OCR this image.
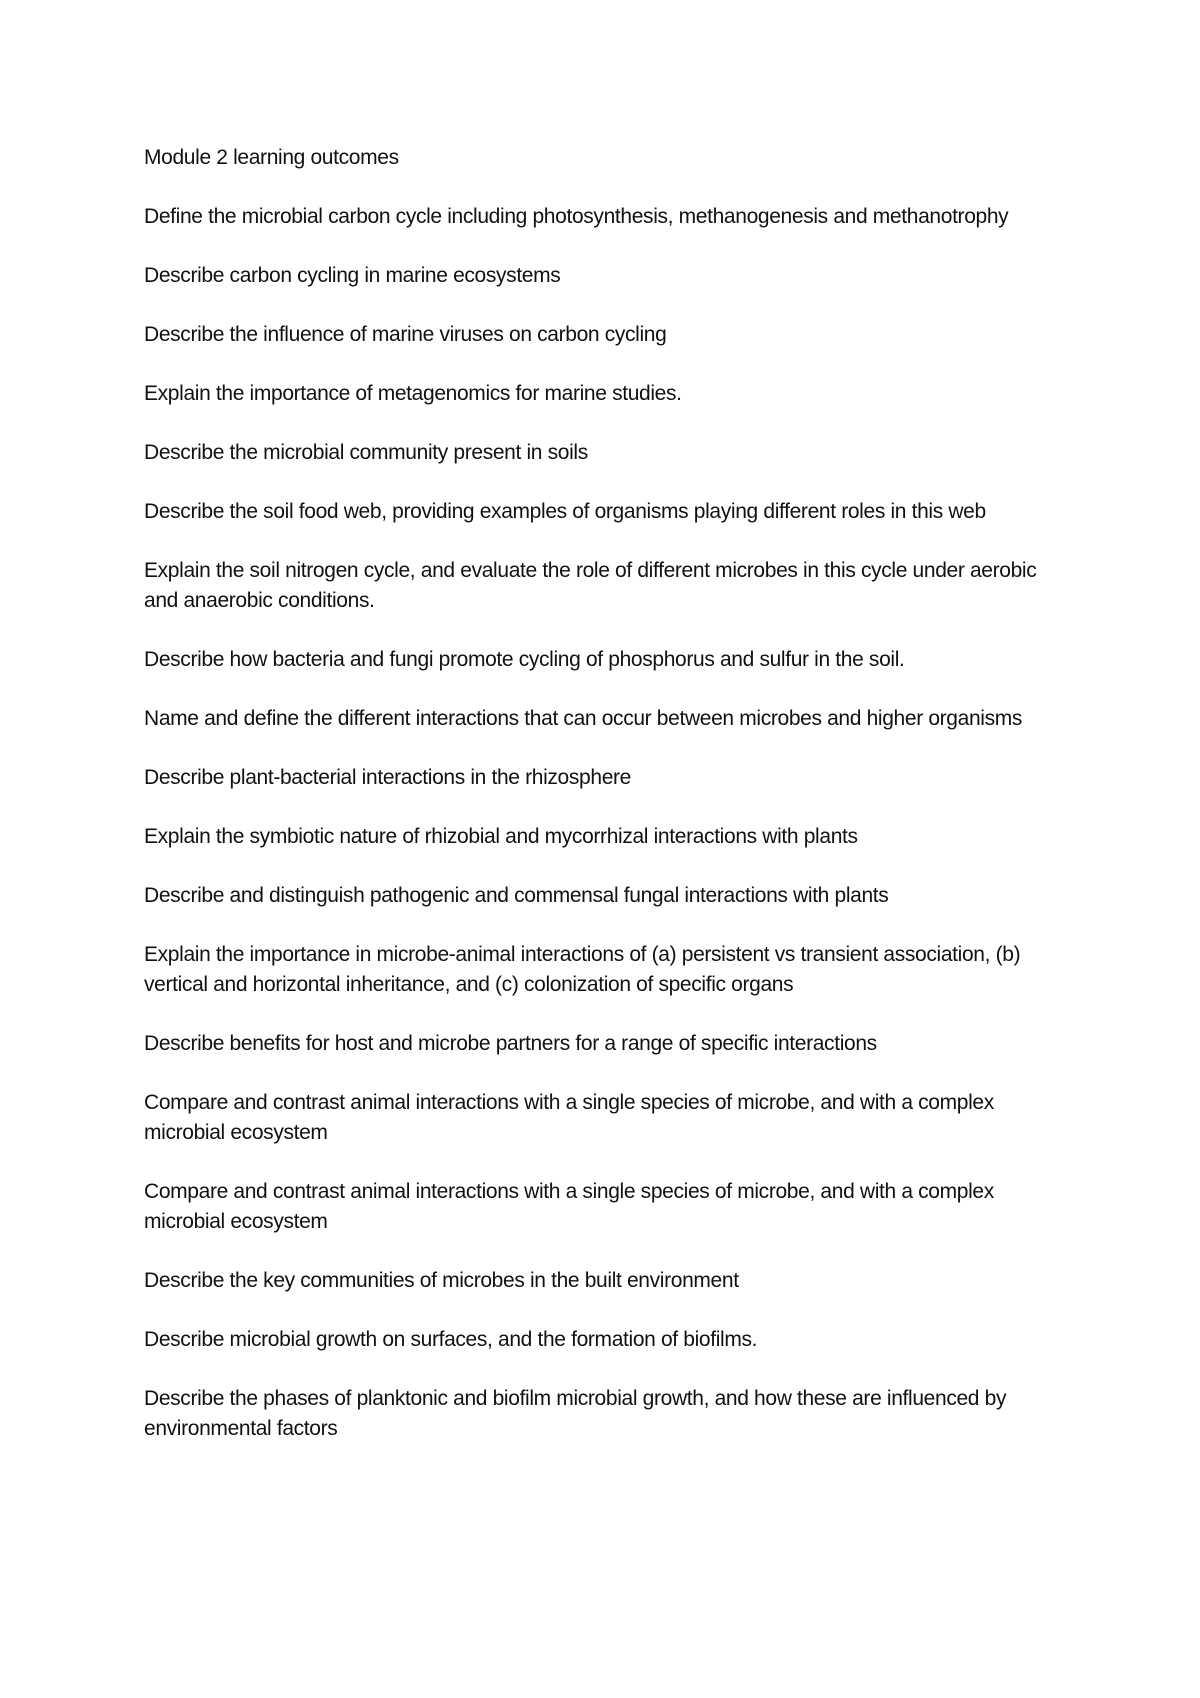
Module 2 learning outcomes

Define the microbial carbon cycle including photosynthesis, methanogenesis and methanotrophy

Describe carbon cycling in marine ecosystems

Describe the influence of marine viruses on carbon cycling

Explain the importance of metagenomics for marine studies.

Describe the microbial community present in soils

Describe the soil food web, providing examples of organisms playing different roles in this web

Explain the soil nitrogen cycle, and evaluate the role of different microbes in this cycle under aerobic and anaerobic conditions.

Describe how bacteria and fungi promote cycling of phosphorus and sulfur in the soil.

Name and define the different interactions that can occur between microbes and higher organisms

Describe plant-bacterial interactions in the rhizosphere

Explain the symbiotic nature of rhizobial and mycorrhizal interactions with plants

Describe and distinguish pathogenic and commensal fungal interactions with plants

Explain the importance in microbe-animal interactions of (a) persistent vs transient association, (b) vertical and horizontal inheritance, and (c) colonization of specific organs

Describe benefits for host and microbe partners for a range of specific interactions

Compare and contrast animal interactions with a single species of microbe, and with a complex microbial ecosystem

Compare and contrast animal interactions with a single species of microbe, and with a complex microbial ecosystem

Describe the key communities of microbes in the built environment

Describe microbial growth on surfaces, and the formation of biofilms.

Describe the phases of planktonic and biofilm microbial growth, and how these are influenced by environmental factors
